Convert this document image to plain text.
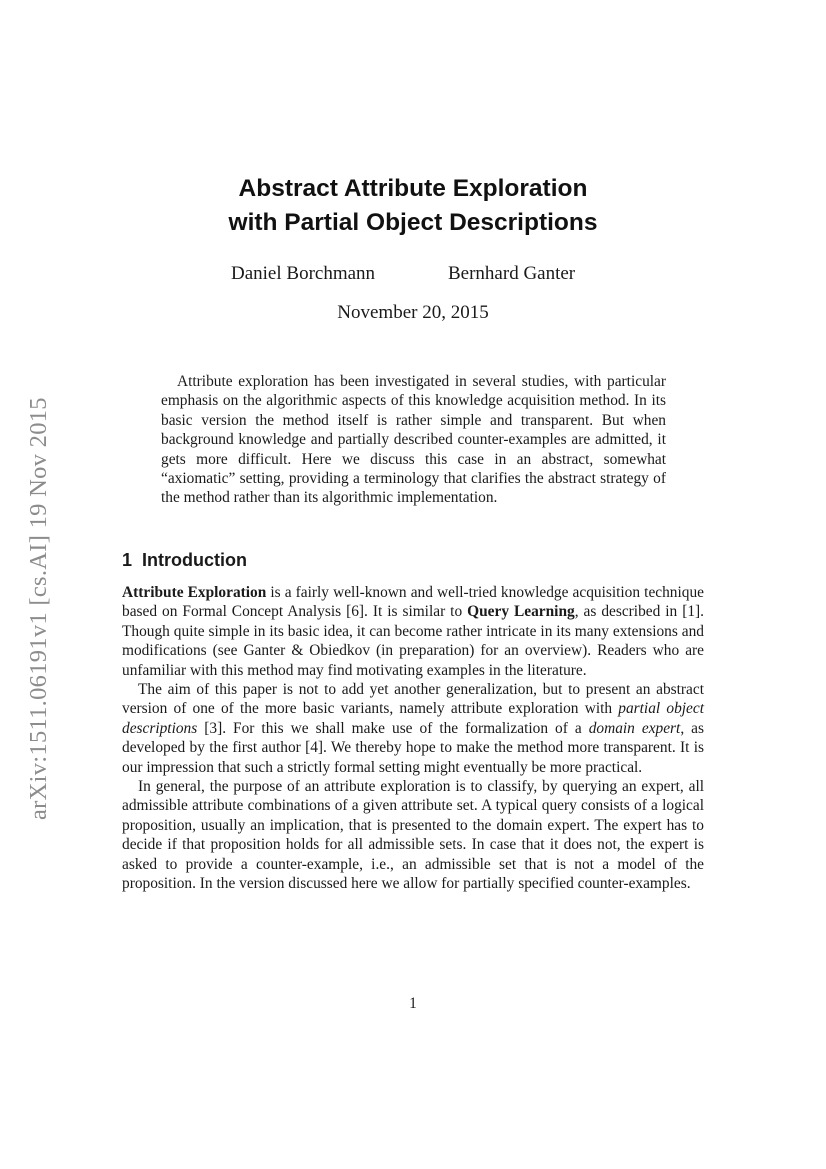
arXiv:1511.06191v1 [cs.AI] 19 Nov 2015
Abstract Attribute Exploration
with Partial Object Descriptions
Daniel Borchmann	Bernhard Ganter
November 20, 2015

Attribute exploration has been investigated in several studies, with particular emphasis on the algorithmic aspects of this knowledge acquisition method. In its basic version the method itself is rather simple and transparent. But when background knowledge and partially described counter-examples are admitted, it gets more difficult. Here we discuss this case in an abstract, somewhat “axiomatic” setting, providing a terminology that clarifies the abstract strategy of the method rather than its algorithmic implementation.

1 Introduction

Attribute Exploration is a fairly well-known and well-tried knowledge acquisition technique based on Formal Concept Analysis [6]. It is similar to Query Learning, as described in [1]. Though quite simple in its basic idea, it can become rather intricate in its many extensions and modifications (see Ganter & Obiedkov (in preparation) for an overview). Readers who are unfamiliar with this method may find motivating examples in the literature.

The aim of this paper is not to add yet another generalization, but to present an abstract version of one of the more basic variants, namely attribute exploration with partial object descriptions [3]. For this we shall make use of the formalization of a domain expert, as developed by the first author [4]. We thereby hope to make the method more transparent. It is our impression that such a strictly formal setting might eventually be more practical.

In general, the purpose of an attribute exploration is to classify, by querying an expert, all admissible attribute combinations of a given attribute set. A typical query consists of a logical proposition, usually an implication, that is presented to the domain expert. The expert has to decide if that proposition holds for all admissible sets. In case that it does not, the expert is asked to provide a counter-example, i.e., an admissible set that is not a model of the proposition. In the version discussed here we allow for partially specified counter-examples.

1
